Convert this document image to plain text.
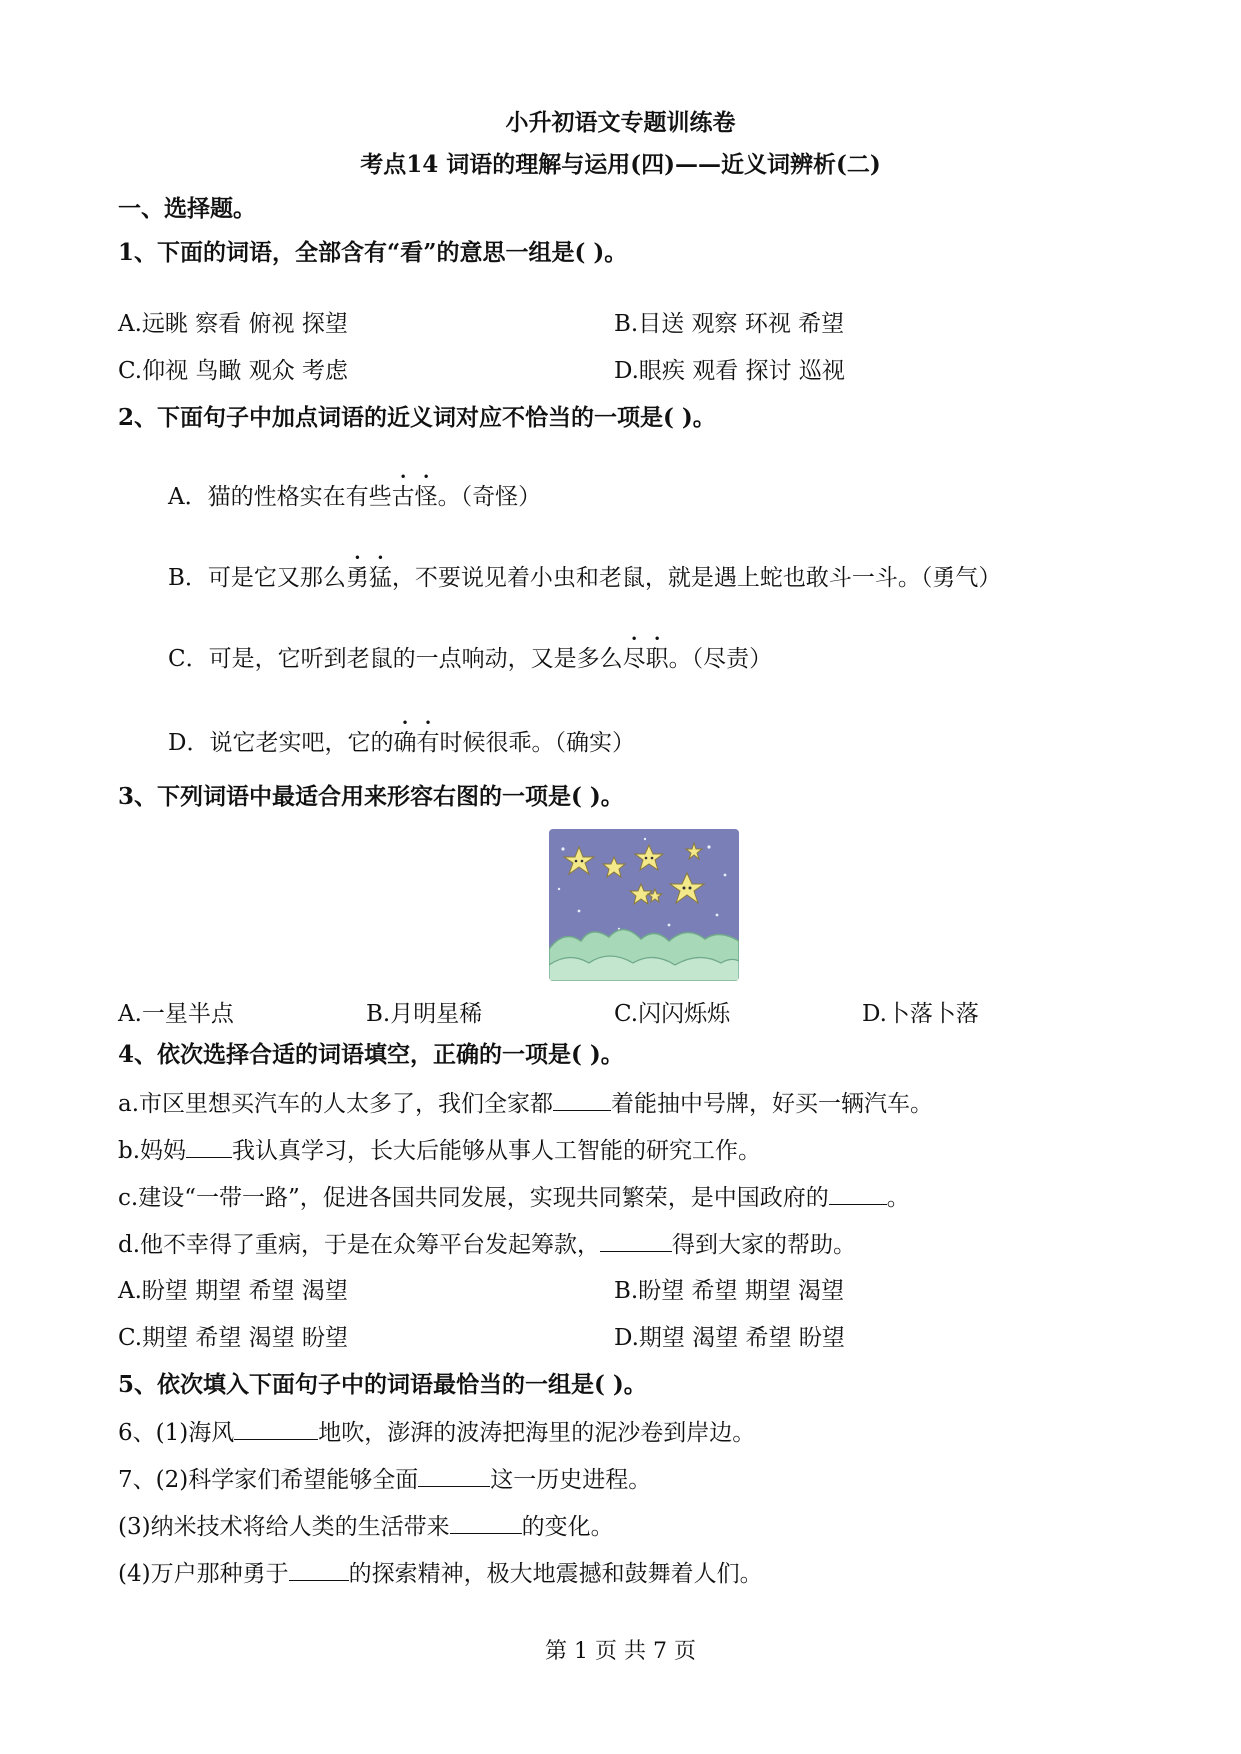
小升初语文专题训练卷
考点14 词语的理解与运用(四)——近义词辨析(二)
一、选择题。
1、下面的词语，全部含有“看”的意思一组是( )。
A.远眺 察看 俯视 探望	B.目送 观察 环视 希望
C.仰视 鸟瞰 观众 考虑	D.眼疾 观看 探讨 巡视
2、下面句子中加点词语的近义词对应不恰当的一项是( )。
A．猫的性格实在有些古怪。（奇怪）
B．可是它又那么勇猛，不要说见着小虫和老鼠，就是遇上蛇也敢斗一斗。（勇气）
C．可是，它听到老鼠的一点响动，又是多么尽职。（尽责）
D．说它老实吧，它的确有时候很乖。（确实）
3、下列词语中最适合用来形容右图的一项是( )。
A.一星半点	B.月明星稀	C.闪闪烁烁	D.卜落卜落
4、依次选择合适的词语填空，正确的一项是( )。
a.市区里想买汽车的人太多了，我们全家都	着能抽中号牌，好买一辆汽车。
b.妈妈 我认真学习，长大后能够从事人工智能的研究工作。
c.建设“一带一路”，促进各国共同发展，实现共同繁荣，是中国政府的	。
d.他不幸得了重病，于是在众筹平台发起筹款，	得到大家的帮助。
A.盼望 期望 希望 渴望	B.盼望 希望 期望 渴望
C.期望 希望 渴望 盼望	D.期望 渴望 希望 盼望
5、依次填入下面句子中的词语最恰当的一组是( )。
6、(1)海风	地吹，澎湃的波涛把海里的泥沙卷到岸边。
7、(2)科学家们希望能够全面	这一历史进程。
(3)纳米技术将给人类的生活带来	的变化。
(4)万户那种勇于	的探索精神，极大地震撼和鼓舞着人们。
第 1 页 共 7 页
